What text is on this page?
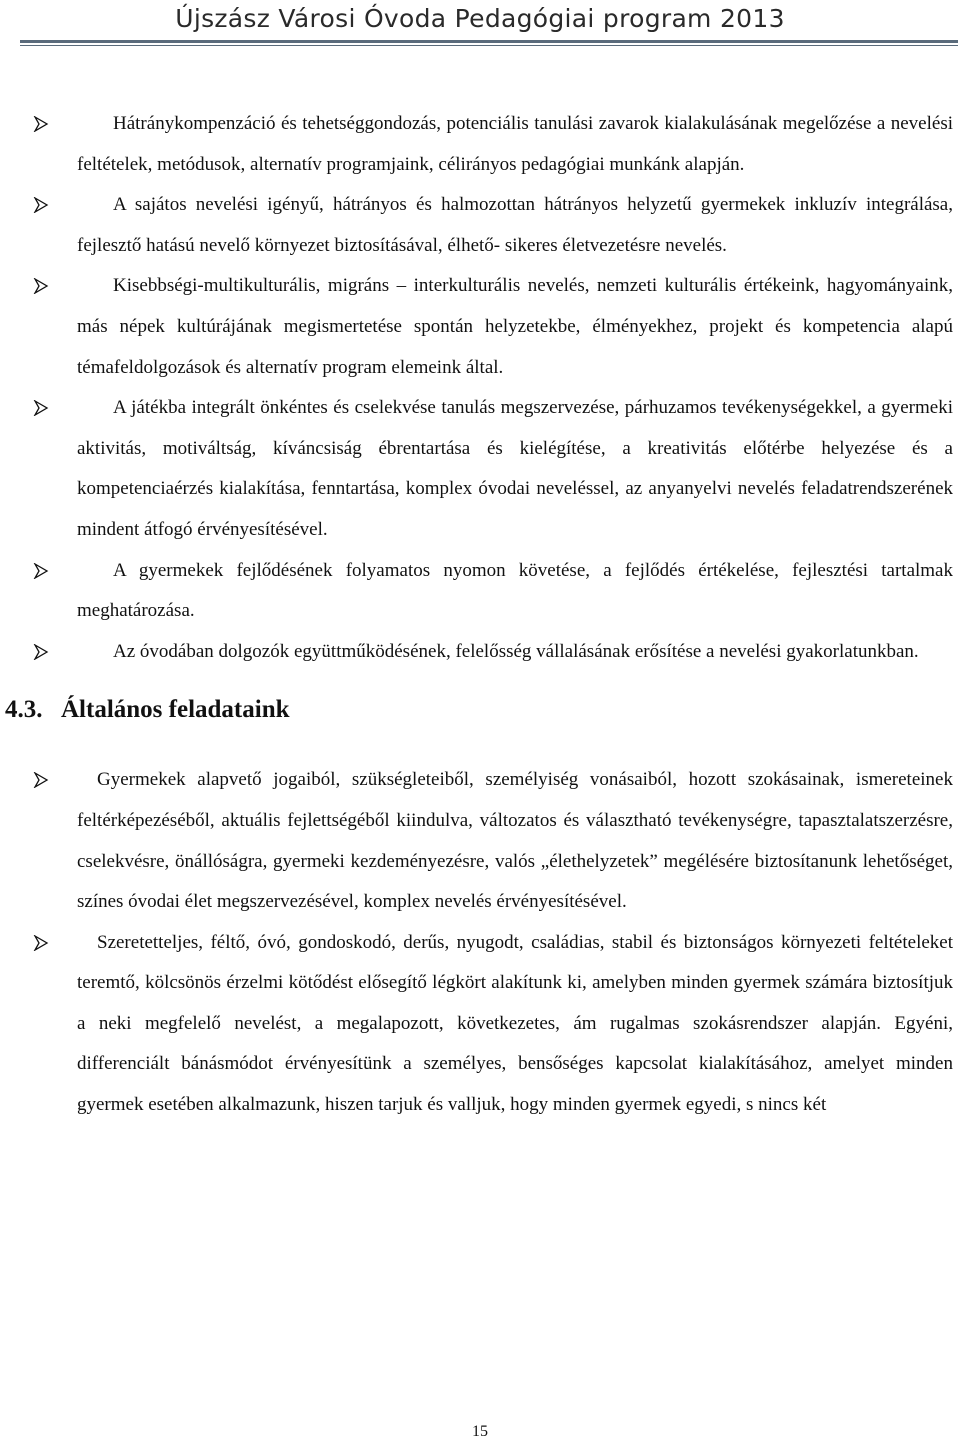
Újszász Városi Óvoda Pedagógiai program 2013
Hátránykompenzáció és tehetséggondozás, potenciális tanulási zavarok kialakulásának megelőzése a nevelési feltételek, metódusok, alternatív programjaink, célirányos pedagógiai munkánk alapján.
A sajátos nevelési igényű, hátrányos és halmozottan hátrányos helyzetű gyermekek inkluzív integrálása, fejlesztő hatású nevelő környezet biztosításával, élhető- sikeres életvezetésre nevelés.
Kisebbségi-multikulturális, migráns – interkulturális nevelés, nemzeti kulturális értékeink, hagyományaink, más népek kultúrájának megismertetése spontán helyzetekbe, élményekhez, projekt és kompetencia alapú témafeldolgozások és alternatív program elemeink által.
A játékba integrált önkéntes és cselekvése tanulás megszervezése, párhuzamos tevékenységekkel, a gyermeki aktivitás, motiváltság, kíváncsiság ébrentartása és kielégítése, a kreativitás előtérbe helyezése és a kompetenciaérzés kialakítása, fenntartása, komplex óvodai neveléssel, az anyanyelvi nevelés feladatrendszerének mindent átfogó érvényesítésével.
A gyermekek fejlődésének folyamatos nyomon követése, a fejlődés értékelése, fejlesztési tartalmak meghatározása.
Az óvodában dolgozók együttműködésének, felelősség vállalásának erősítése a nevelési gyakorlatunkban.
4.3. Általános feladataink
Gyermekek alapvető jogaiból, szükségleteiből, személyiség vonásaiból, hozott szokásainak, ismereteinek feltérképezéséből, aktuális fejlettségéből kiindulva, változatos és választható tevékenységre, tapasztalatszerzésre, cselekvésre, önállóságra, gyermeki kezdeményezésre, valós „élethelyzetek” megélésére biztosítanunk lehetőséget, színes óvodai élet megszervezésével, komplex nevelés érvényesítésével.
Szeretetteljes, féltő, óvó, gondoskodó, derűs, nyugodt, családias, stabil és biztonságos környezeti feltételeket teremtő, kölcsönös érzelmi kötődést elősegítő légkört alakítunk ki, amelyben minden gyermek számára biztosítjuk a neki megfelelő nevelést, a megalapozott, következetes, ám rugalmas szokásrendszer alapján. Egyéni, differenciált bánásmódot érvényesítünk a személyes, bensőséges kapcsolat kialakításához, amelyet minden gyermek esetében alkalmazunk, hiszen tarjuk és valljuk, hogy minden gyermek egyedi, s nincs két
15
